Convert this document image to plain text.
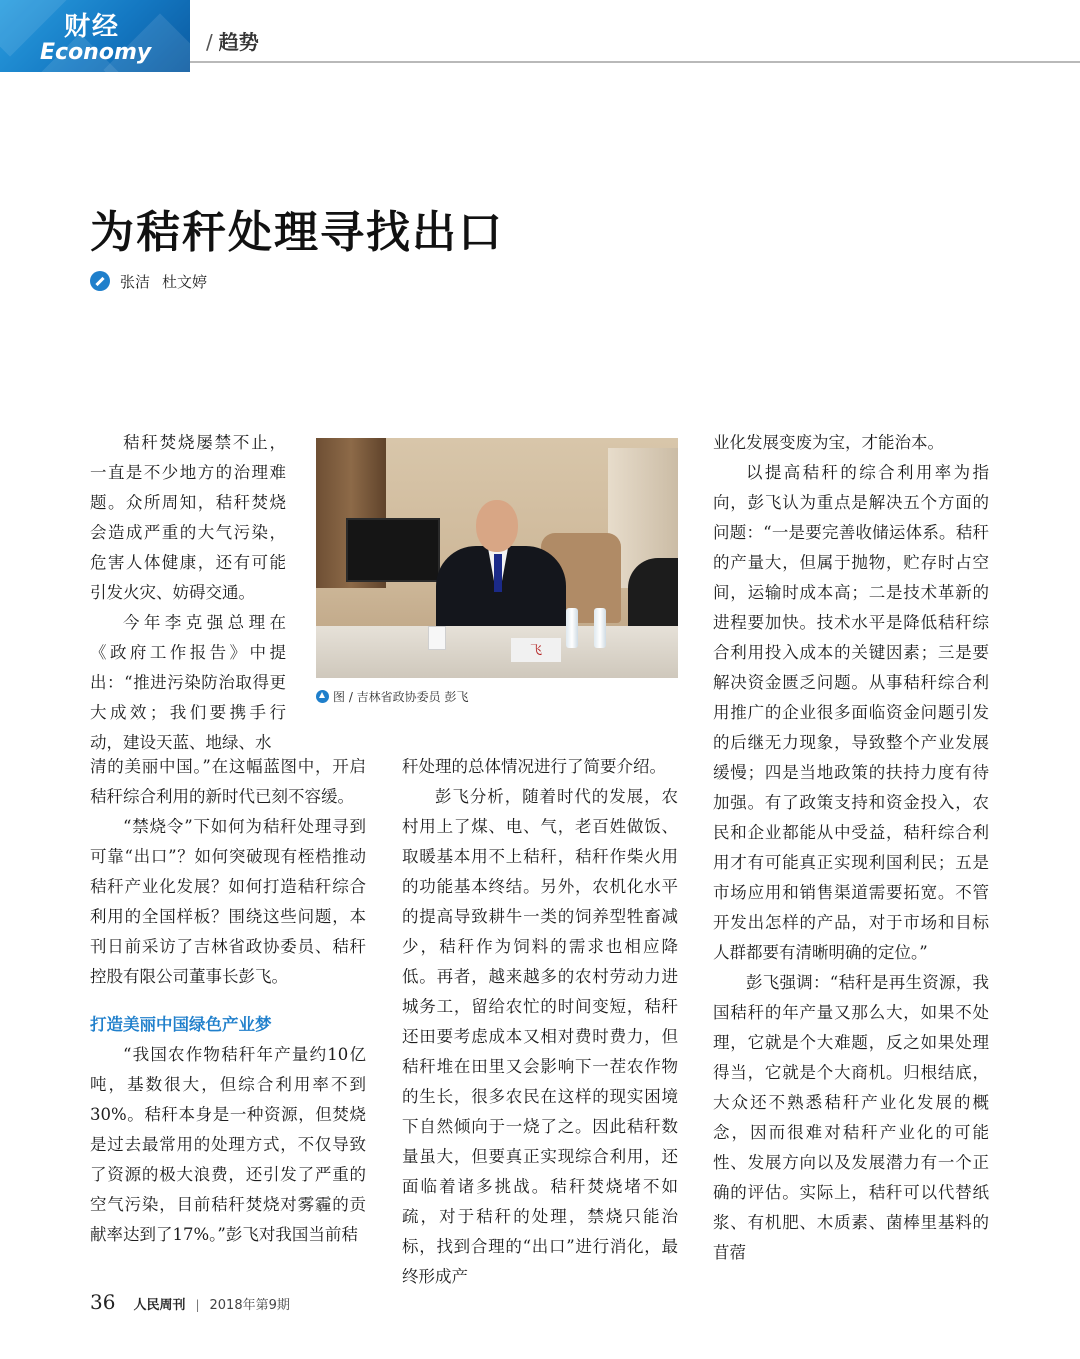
财经
Economy	/ 趋势
为秸秆处理寻找出口
张洁 杜文婷

秸秆焚烧屡禁不止，一直是不少地方的治理难题。众所周知，秸秆焚烧会造成严重的大气污染，危害人体健康，还有可能引发火灾、妨碍交通。

今年李克强总理在《政府工作报告》中提出：“推进污染防治取得更大成效；我们要携手行动，建设天蓝、地绿、水

飞
图 / 吉林省政协委员 彭飞

清的美丽中国。”在这幅蓝图中，开启秸秆综合利用的新时代已刻不容缓。

“禁烧令”下如何为秸秆处理寻到可靠“出口”？如何突破现有桎梏推动秸秆产业化发展？如何打造秸秆综合利用的全国样板？围绕这些问题，本刊日前采访了吉林省政协委员、秸秆控股有限公司董事长彭飞。

打造美丽中国绿色产业梦

“我国农作物秸秆年产量约10亿吨，基数很大，但综合利用率不到30%。秸秆本身是一种资源，但焚烧是过去最常用的处理方式，不仅导致了资源的极大浪费，还引发了严重的空气污染，目前秸秆焚烧对雾霾的贡献率达到了17%。”彭飞对我国当前秸

秆处理的总体情况进行了简要介绍。

彭飞分析，随着时代的发展，农村用上了煤、电、气，老百姓做饭、取暖基本用不上秸秆，秸秆作柴火用的功能基本终结。另外，农机化水平的提高导致耕牛一类的饲养型牲畜减少，秸秆作为饲料的需求也相应降低。再者，越来越多的农村劳动力进城务工，留给农忙的时间变短，秸秆还田要考虑成本又相对费时费力，但秸秆堆在田里又会影响下一茬农作物的生长，很多农民在这样的现实困境下自然倾向于一烧了之。因此秸秆数量虽大，但要真正实现综合利用，还面临着诸多挑战。秸秆焚烧堵不如疏，对于秸秆的处理，禁烧只能治标，找到合理的“出口”进行消化，最终形成产

业化发展变废为宝，才能治本。

以提高秸秆的综合利用率为指向，彭飞认为重点是解决五个方面的问题：“一是要完善收储运体系。秸秆的产量大，但属于抛物，贮存时占空间，运输时成本高；二是技术革新的进程要加快。技术水平是降低秸秆综合利用投入成本的关键因素；三是要解决资金匮乏问题。从事秸秆综合利用推广的企业很多面临资金问题引发的后继无力现象，导致整个产业发展缓慢；四是当地政策的扶持力度有待加强。有了政策支持和资金投入，农民和企业都能从中受益，秸秆综合利用才有可能真正实现利国利民；五是市场应用和销售渠道需要拓宽。不管开发出怎样的产品，对于市场和目标人群都要有清晰明确的定位。”

彭飞强调：“秸秆是再生资源，我国秸秆的年产量又那么大，如果不处理，它就是个大难题，反之如果处理得当，它就是个大商机。归根结底，大众还不熟悉秸秆产业化发展的概念，因而很难对秸秆产业化的可能性、发展方向以及发展潜力有一个正确的评估。实际上，秸秆可以代替纸浆、有机肥、木质素、菌棒里基料的苜蓿

36 人民周刊 | 2018年第9期
